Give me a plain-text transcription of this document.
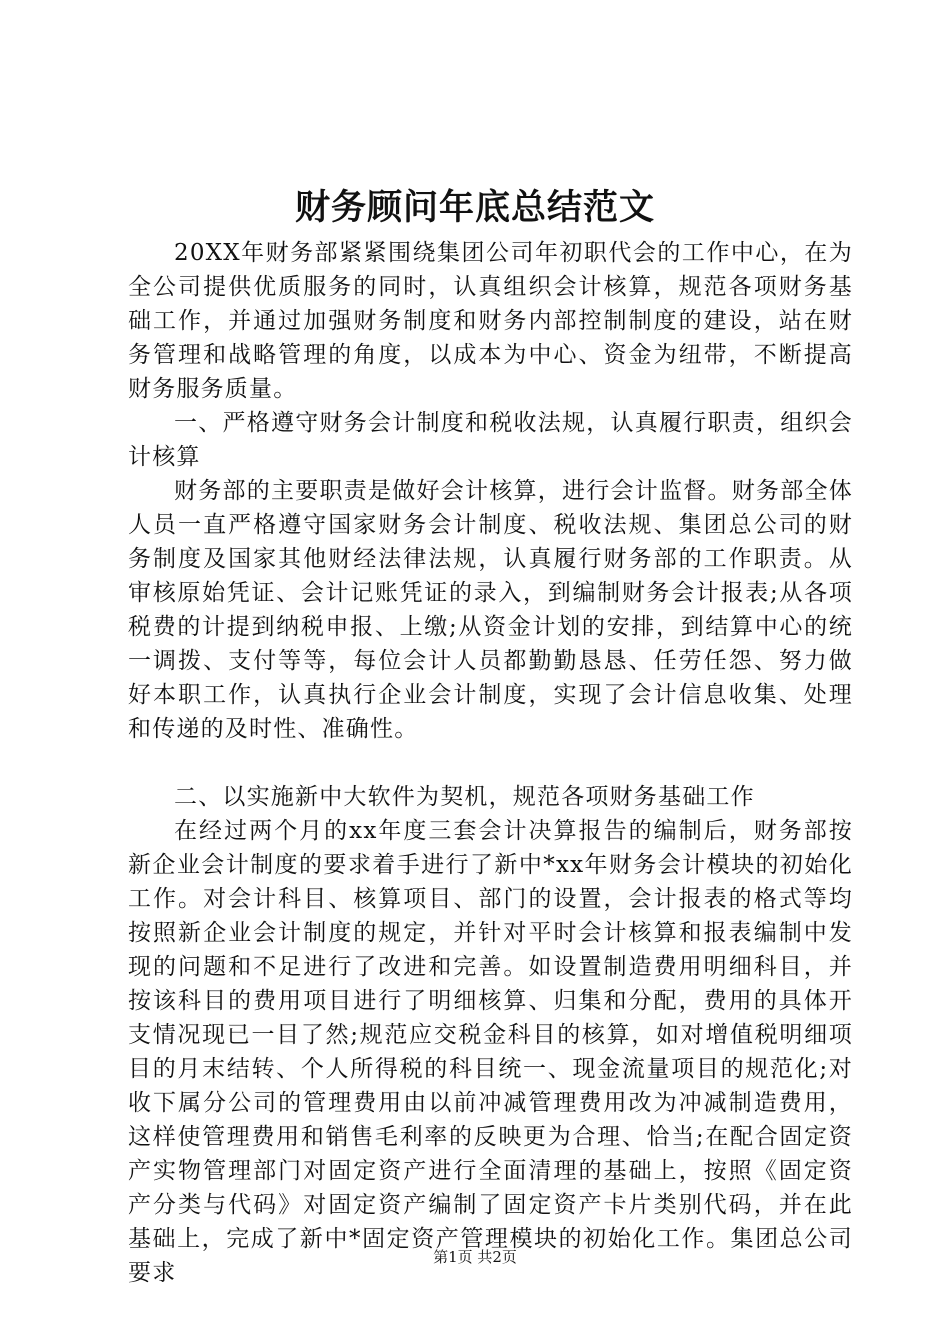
财务顾问年底总结范文

20XX年财务部紧紧围绕集团公司年初职代会的工作中心，在为全公司提供优质服务的同时，认真组织会计核算，规范各项财务基础工作，并通过加强财务制度和财务内部控制制度的建设，站在财务管理和战略管理的角度，以成本为中心、资金为纽带，不断提高财务服务质量。

一、严格遵守财务会计制度和税收法规，认真履行职责，组织会计核算

财务部的主要职责是做好会计核算，进行会计监督。财务部全体人员一直严格遵守国家财务会计制度、税收法规、集团总公司的财务制度及国家其他财经法律法规，认真履行财务部的工作职责。从审核原始凭证、会计记账凭证的录入，到编制财务会计报表;从各项税费的计提到纳税申报、上缴;从资金计划的安排，到结算中心的统一调拨、支付等等，每位会计人员都勤勤恳恳、任劳任怨、努力做好本职工作，认真执行企业会计制度，实现了会计信息收集、处理和传递的及时性、准确性。

二、以实施新中大软件为契机，规范各项财务基础工作

在经过两个月的xx年度三套会计决算报告的编制后，财务部按新企业会计制度的要求着手进行了新中*xx年财务会计模块的初始化工作。对会计科目、核算项目、部门的设置，会计报表的格式等均按照新企业会计制度的规定，并针对平时会计核算和报表编制中发现的问题和不足进行了改进和完善。如设置制造费用明细科目，并按该科目的费用项目进行了明细核算、归集和分配，费用的具体开支情况现已一目了然;规范应交税金科目的核算，如对增值税明细项目的月末结转、个人所得税的科目统一、现金流量项目的规范化;对收下属分公司的管理费用由以前冲减管理费用改为冲减制造费用，这样使管理费用和销售毛利率的反映更为合理、恰当;在配合固定资产实物管理部门对固定资产进行全面清理的基础上，按照《固定资产分类与代码》对固定资产编制了固定资产卡片类别代码，并在此基础上，完成了新中*固定资产管理模块的初始化工作。集团总公司要求

第1页 共2页
